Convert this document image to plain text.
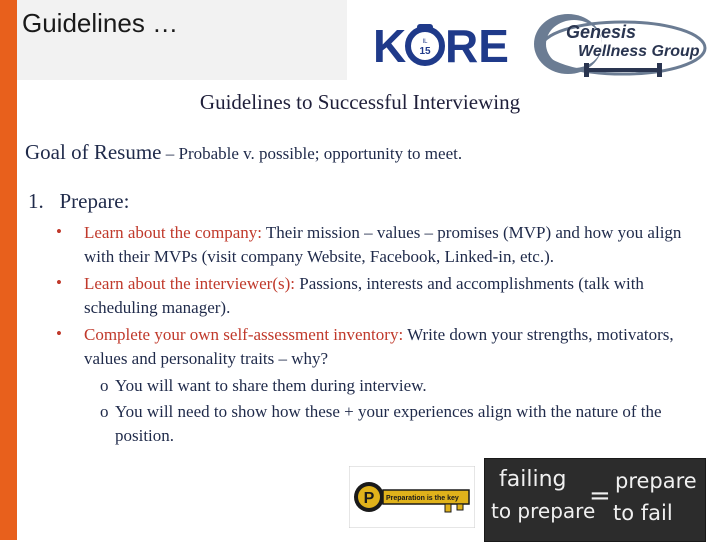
Guidelines …	K	IL
15 RE	Genesis
Wellness Group
Guidelines to Successful Interviewing
Goal of Resume – Probable v. possible; opportunity to meet.
1. Prepare:
• Learn about the company: Their mission – values – promises (MVP) and how you align with their MVPs (visit company Website, Facebook, Linked-in, etc.).
• Learn about the interviewer(s): Passions, interests and accomplishments (talk with scheduling manager).
• Complete your own self-assessment inventory: Write down your strengths, motivators, values and personality traits – why?
o You will want to share them during interview.
o You will need to show how these + your experiences align with the nature of the position.
P Preparation is the key
failing
to prepare
= prepare
to fail
